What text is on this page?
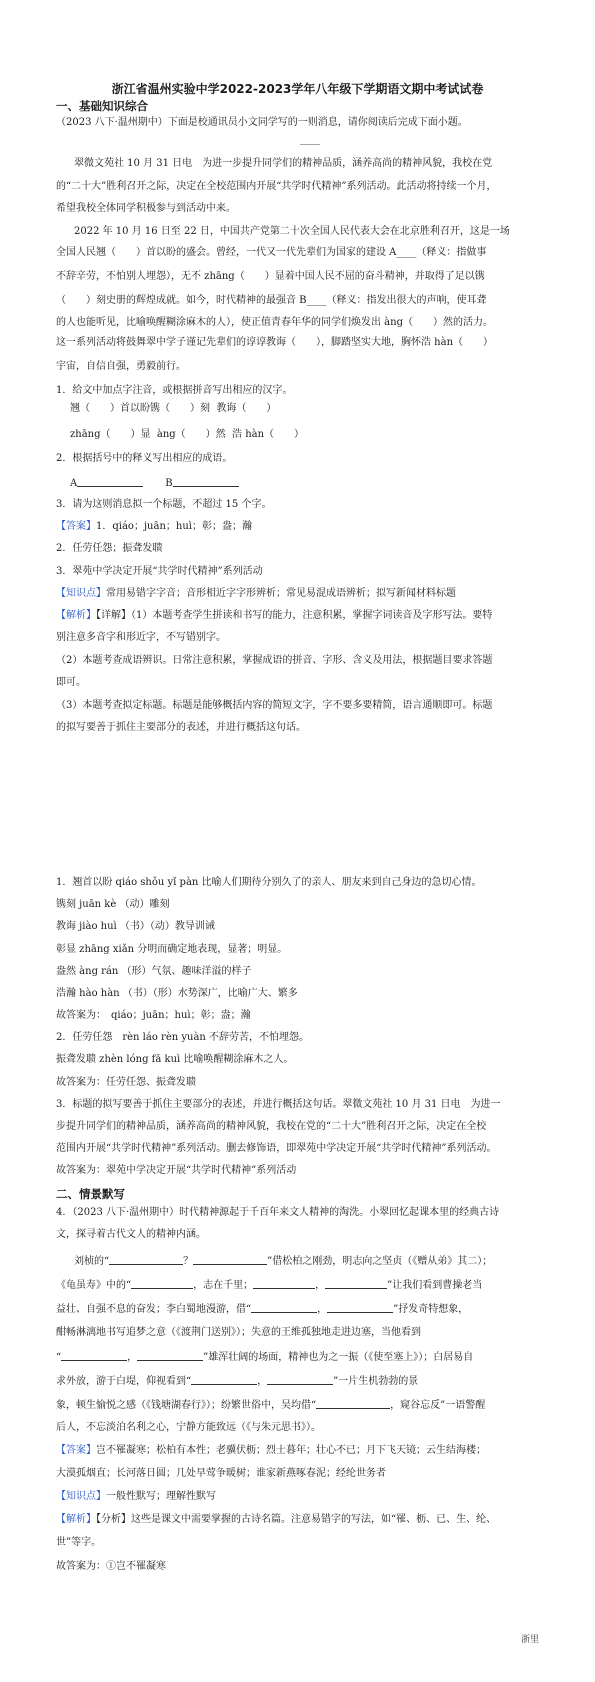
浙江省温州实验中学2022-2023学年八年级下学期语文期中考试试卷
一、基础知识综合
（2023 八下·温州期中）下面是校通讯员小文同学写的一则消息，请你阅读后完成下面小题。
____
翠微文苑社 10 月 31 日电　为进一步提升同学们的精神品质，涵养高尚的精神风貌，我校在党
的“二十大”胜利召开之际，决定在全校范围内开展“共学时代精神”系列活动。此活动将持续一个月，
希望我校全体同学积极参与到活动中来。
2022 年 10 月 16 日至 22 日，中国共产党第二十次全国人民代表大会在北京胜利召开，这是一场
全国人民翘（　　）首以盼的盛会。曾经，一代又一代先辈们为国家的建设 A____（释义：指做事
不辞辛劳，不怕别人埋怨），无不 zhāng（　　）显着中国人民不屈的奋斗精神，并取得了足以镌
（　　）刻史册的辉煌成就。如今，时代精神的最强音 B____（释义：指发出很大的声响，使耳聋
的人也能听见，比喻唤醒糊涂麻木的人），使正值青春年华的同学们焕发出 àng（　　）然的活力。
这一系列活动将鼓舞翠中学子谨记先辈们的谆谆教诲（　　），脚踏坚实大地，胸怀浩 hàn（　　）
宇宙，自信自强，勇毅前行。
1．给文中加点字注音，或根据拼音写出相应的汉字。
翘（　　）首以盼镌（　　）刻  教诲（　　）
zhāng（　　）显  àng（　　）然  浩 hàn（　　）
2．根据括号中的释义写出相应的成语。
A	B
3．请为这则消息拟一个标题，不超过 15 个字。
【答案】1．qiáo；juān；huì；彰；盎；瀚
2．任劳任怨；振聋发聩
3．翠苑中学决定开展“共学时代精神”系列活动
【知识点】常用易错字字音；音形相近字字形辨析；常见易混成语辨析；拟写新闻材料标题
【解析】【详解】（1）本题考查学生拼读和书写的能力，注意积累，掌握字词读音及字形写法。要特
别注意多音字和形近字，不写错别字。
（2）本题考查成语辨识。日常注意积累，掌握成语的拼音、字形、含义及用法，根据题目要求答题
即可。
（3）本题考查拟定标题。标题是能够概括内容的简短文字，字不要多要精简，语言通顺即可。标题
的拟写要善于抓住主要部分的表述，并进行概括这句话。
1．翘首以盼 qiáo shǒu yǐ pàn 比喻人们期待分别久了的亲人、朋友来到自己身边的急切心情。
镌刻 juān kè （动）雕刻
教诲 jiào huì （书）（动）教导训诫
彰显 zhāng xiǎn 分明而确定地表现，显著；明显。
盎然 àng rán （形）气氛、趣味洋溢的样子
浩瀚 hào hàn （书）（形）水势深广，比喻广大、繁多
故答案为：　qiáo；juān；huì；彰；盎；瀚
2．任劳任怨　rèn láo rèn yuàn 不辞劳苦，不怕埋怨。
振聋发聩 zhèn lóng fā kuì 比喻唤醒糊涂麻木之人。
故答案为：任劳任怨、振聋发聩
3．标题的拟写要善于抓住主要部分的表述，并进行概括这句话。翠微文苑社 10 月 31 日电　为进一
步提升同学们的精神品质，涵养高尚的精神风貌，我校在党的“二十大”胜利召开之际，决定在全校
范围内开展“共学时代精神”系列活动。删去修饰语，即翠苑中学决定开展“共学时代精神”系列活动。
故答案为：翠苑中学决定开展“共学时代精神”系列活动
二、情景默写
4．（2023 八下·温州期中）时代精神源起于千百年来文人精神的淘洗。小翠回忆起课本里的经典古诗
文，探寻着古代文人的精神内涵。
刘桢的“	？	”借松柏之刚劲，明志向之坚贞（《赠从弟》其二）；
《龟虽寿》中的“	，志在千里；	，	”让我们看到曹操老当
益壮、自强不息的奋发；李白蜀地漫游，借“	，	”抒发奇特想象，
酣畅淋漓地书写追梦之意（《渡荆门送别》）；失意的王维孤独地走进边塞，当他看到
“	，	”雄浑壮阔的场面，精神也为之一振（《使至塞上》）；白居易自
求外放，游于白堤，仰视看到“	，	”一片生机勃勃的景
象，顿生愉悦之感（《钱塘湖春行》）；纷繁世俗中，吴均借“	，窥谷忘反”一语警醒
后人，不忘淡泊名利之心，宁静方能致远（《与朱元思书》）。
【答案】岂不罹凝寒；松柏有本性；老骥伏枥；烈士暮年；壮心不已；月下飞天镜；云生结海楼；
大漠孤烟直；长河落日圆；几处早莺争暖树；谁家新燕啄春泥；经纶世务者
【知识点】一般性默写；理解性默写
【解析】【分析】这些是课文中需要掌握的古诗名篇。注意易错字的写法，如“罹、枥、已、生、纶、
世”等字。
故答案为：①岂不罹凝寒
浙里
